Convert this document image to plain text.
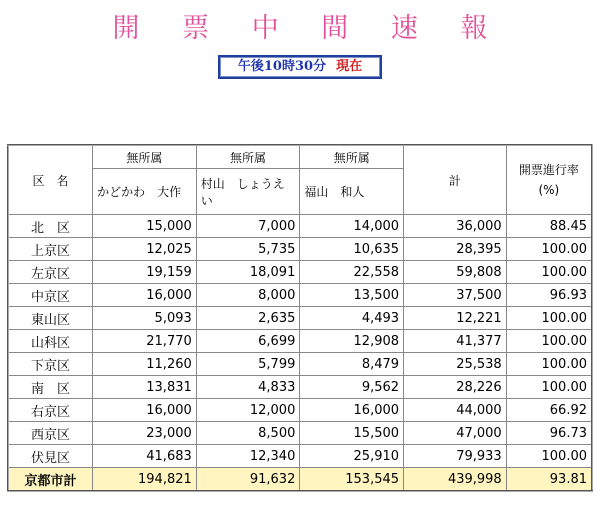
開 票 中 間 速 報
午後10時30分 現在
区　名	無所属	無所属	無所属	計	開票進行率
(%)
	かどかわ　大作	村山　しょうえい	福山　和人		
北　区	15,000	7,000	14,000	36,000	88.45
上京区	12,025	5,735	10,635	28,395	100.00
左京区	19,159	18,091	22,558	59,808	100.00
中京区	16,000	8,000	13,500	37,500	96.93
東山区	5,093	2,635	4,493	12,221	100.00
山科区	21,770	6,699	12,908	41,377	100.00
下京区	11,260	5,799	8,479	25,538	100.00
南　区	13,831	4,833	9,562	28,226	100.00
右京区	16,000	12,000	16,000	44,000	66.92
西京区	23,000	8,500	15,500	47,000	96.73
伏見区	41,683	12,340	25,910	79,933	100.00
京都市計	194,821	91,632	153,545	439,998	93.81
